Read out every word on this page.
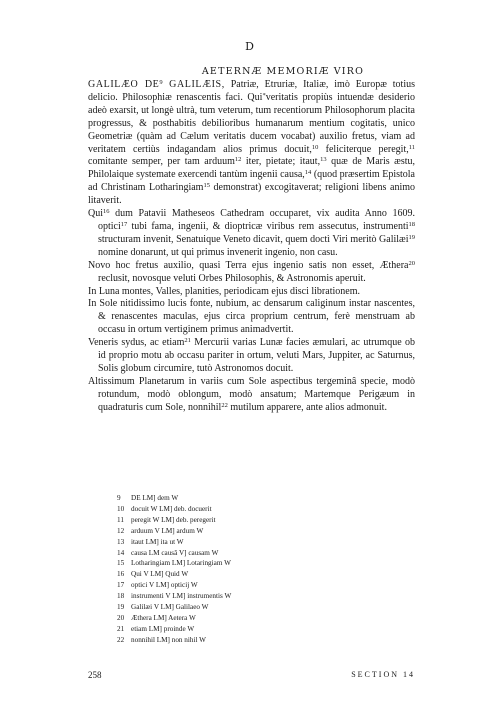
D
AETERNÆ MEMORIÆ VIRO

GALILÆO $DE^9$ GALILÆIS, Patriæ, Etruriæ, Italiæ, imò Europæ totius delicio. Philosophiæ renascentis faci. Qui*veritatis propiùs intuendæ desiderio adeò exarsit, ut longè ultrà, tum veterum, tum recentiorum Philosophorum placita progressus, & posthabitis debilioribus humanarum mentium cogitatis, unico Geometriæ (quàm ad Cælum veritatis ducem vocabat) auxilio fretus, viam ad veritatem certiùs indagandam alios primus docuit,$^{10}$ feliciterque peregit,$^{11}$ comitante semper, per tam arduum$^{12}$ iter, pietate; itaut,$^{13}$ quæ de Maris æstu, Philolaique systemate exercendi tantùm ingenii causa,$^{14}$ (quod præsertim Epistola ad Christinam Lotharingiam$^{15}$ demonstrat) excogitaverat; religioni libens animo litaverit.

Qui$^{16}$ dum Patavii Matheseos Cathedram occuparet, vix audita Anno 1609. optici$^{17}$ tubi fama, ingenii, & dioptricæ viribus rem assecutus, instrumenti$^{18}$ structuram invenit, Senatuique Veneto dicavit, quem doctì Viri meritò Galilæi$^{19}$ nomine donarunt, ut qui primus invenerit ingenio, non casu.

Novo hoc fretus auxilio, quasi Terra ejus ingenio satis non esset, Æthera$^{20}$ reclusit, novosque veluti Orbes Philosophis, & Astronomis aperuit.

In Luna montes, Valles, planities, periodicam ejus disci librationem.

In Sole nitidissimo lucis fonte, nubium, ac densarum caliginum instar nascentes, & renascentes maculas, ejus circa proprium centrum, ferè menstruam ab occasu in ortum vertiginem primus animadvertit.

Veneris sydus, ac etiam$^{21}$ Mercurii varias Lunæ facies æmulari, ac utrumque ob id proprio motu ab occasu pariter in ortum, veluti Mars, Juppiter, ac Saturnus, Solis globum circumire, tutò Astronomos docuit.

Altissimum Planetarum in variis cum Sole aspectibus tergeminâ specie, modò rotundum, modò oblongum, modò ansatum; Martemque Perigæum in quadraturis cum Sole, nonnihil$^{22}$ mutilum apparere, ante alios admonuit.

9 DE LM] dem W
10 docuit W LM] deb. docuerit
11 peregit W LM] deb. peregerit
12 arduum V LM] ardum W
13 itaut LM] ita ut W
14 causa LM causâ V] causam W
15 Lotharingiam LM] Lotaringiam W
16 Qui V LM] Quid W
17 optici V LM] opticij W
18 instrumenti V LM] instrumentis W
19 Galilæi V LM] Galilaeo W
20 Æthera LM] Aetera W
21 etiam LM] proinde W
22 nonnihil LM] non nihil W
258	SECTION 14
